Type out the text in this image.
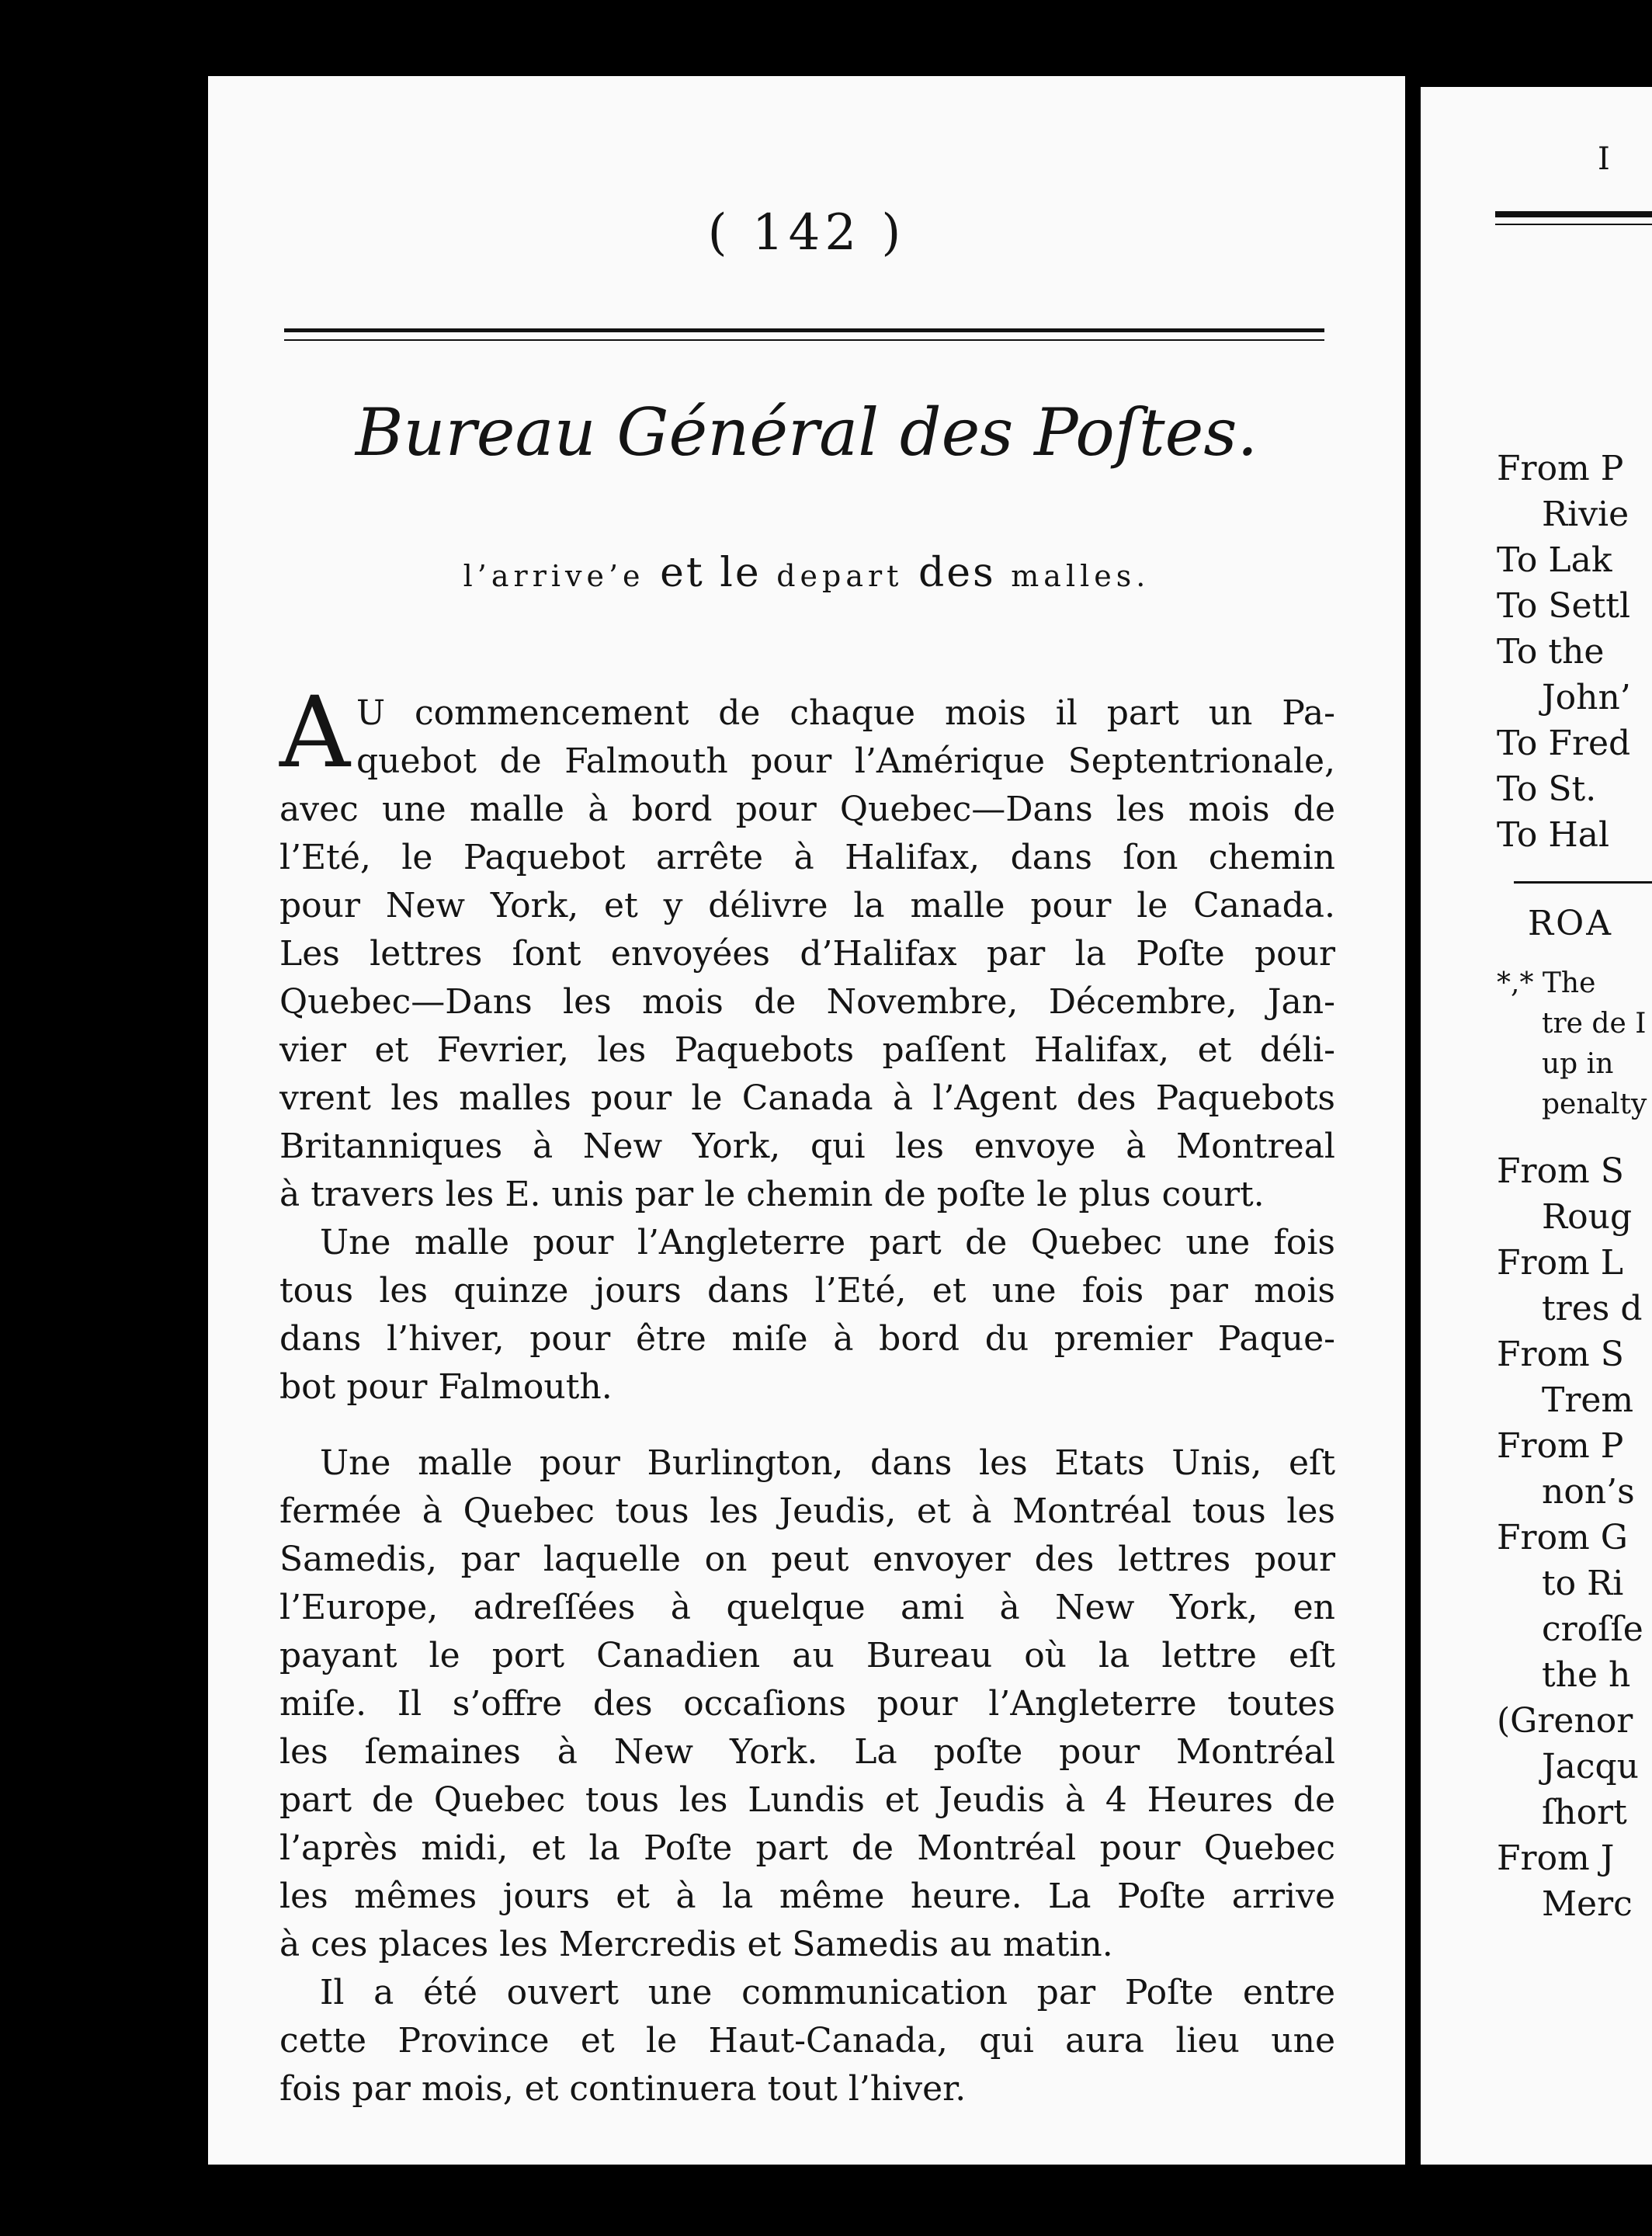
( 142 )
Bureau Général des Poſtes.
l’arrive’e et le depart des malles.
A U commencement de chaque mois il part un Pa-
quebot de Falmouth pour l’Amérique Septentrionale,
avec une malle à bord pour Quebec—Dans les mois de
l’Eté, le Paquebot arrête à Halifax, dans ſon chemin
pour New York, et y délivre la malle pour le Canada.
Les lettres ſont envoyées d’Halifax par la Poſte pour
Quebec—Dans les mois de Novembre, Décembre, Jan-
vier et Fevrier, les Paquebots paſſent Halifax, et déli-
vrent les malles pour le Canada à l’Agent des Paquebots
Britanniques à New York, qui les envoye à Montreal
à travers les E. unis par le chemin de poſte le plus court.
Une malle pour l’Angleterre part de Quebec une fois
tous les quinze jours dans l’Eté, et une fois par mois
dans l’hiver, pour être miſe à bord du premier Paque-
bot pour Falmouth.
Une malle pour Burlington, dans les Etats Unis, eſt
fermée à Quebec tous les Jeudis, et à Montréal tous les
Samedis, par laquelle on peut envoyer des lettres pour
l’Europe, adreſſées à quelque ami à New York, en
payant le port Canadien au Bureau où la lettre eſt
miſe. Il s’offre des occaſions pour l’Angleterre toutes
les ſemaines à New York. La poſte pour Montréal
part de Quebec tous les Lundis et Jeudis à 4 Heures de
l’après midi, et la Poſte part de Montréal pour Quebec
les mêmes jours et à la même heure. La Poſte arrive
à ces places les Mercredis et Samedis au matin.
Il a été ouvert une communication par Poſte entre
cette Province et le Haut-Canada, qui aura lieu une
fois par mois, et continuera tout l’hiver.
I
From P
Rivie
To Lak
To Settl
To the
John’
To Fred
To St.
To Hal
ROA
*,* The
tre de I
up in
penalty
From S
Roug
From L
tres d
From S
Trem
From P
non’s
From G
to Ri
croſſe
the h
(Grenor
Jacqu
ſhort
From J
Merc
